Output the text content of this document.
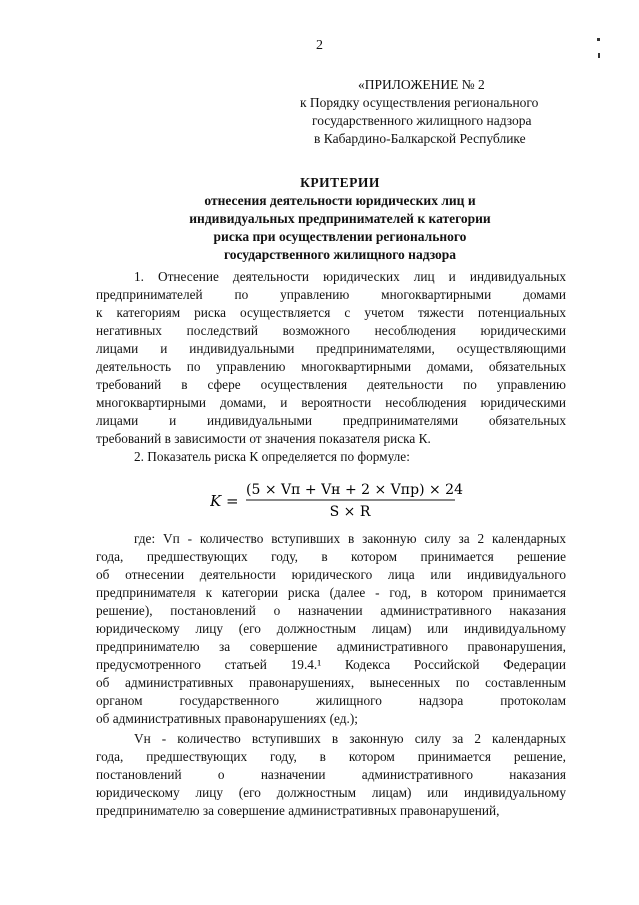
2
«ПРИЛОЖЕНИЕ № 2
к Порядку осуществления регионального
государственного жилищного надзора
в Кабардино-Балкарской Республике
КРИТЕРИИ
отнесения деятельности юридических лиц и
индивидуальных предпринимателей к категории
риска при осуществлении регионального
государственного жилищного надзора
1. Отнесение деятельности юридических лиц и индивидуальных
предпринимателей по управлению многоквартирными домами
к категориям риска осуществляется с учетом тяжести потенциальных
негативных последствий возможного несоблюдения юридическими
лицами и индивидуальными предпринимателями, осуществляющими
деятельность по управлению многоквартирными домами, обязательных
требований в сфере осуществления деятельности по управлению
многоквартирными домами, и вероятности несоблюдения юридическими
лицами и индивидуальными предпринимателями обязательных
требований в зависимости от значения показателя риска К.
2. Показатель риска К определяется по формуле:
K =
(5 × Vп + Vн + 2 × Vпр) × 24
S × R
где: Vп - количество вступивших в законную силу за 2 календарных
года, предшествующих году, в котором принимается решение
об отнесении деятельности юридического лица или индивидуального
предпринимателя к категории риска (далее - год, в котором принимается
решение), постановлений о назначении административного наказания
юридическому лицу (его должностным лицам) или индивидуальному
предпринимателю за совершение административного правонарушения,
предусмотренного статьей 19.4.¹ Кодекса Российской Федерации
об административных правонарушениях, вынесенных по составленным
органом государственного жилищного надзора протоколам
об административных правонарушениях (ед.);
Vн - количество вступивших в законную силу за 2 календарных
года, предшествующих году, в котором принимается решение,
постановлений о назначении административного наказания
юридическому лицу (его должностным лицам) или индивидуальному
предпринимателю за совершение административных правонарушений,
